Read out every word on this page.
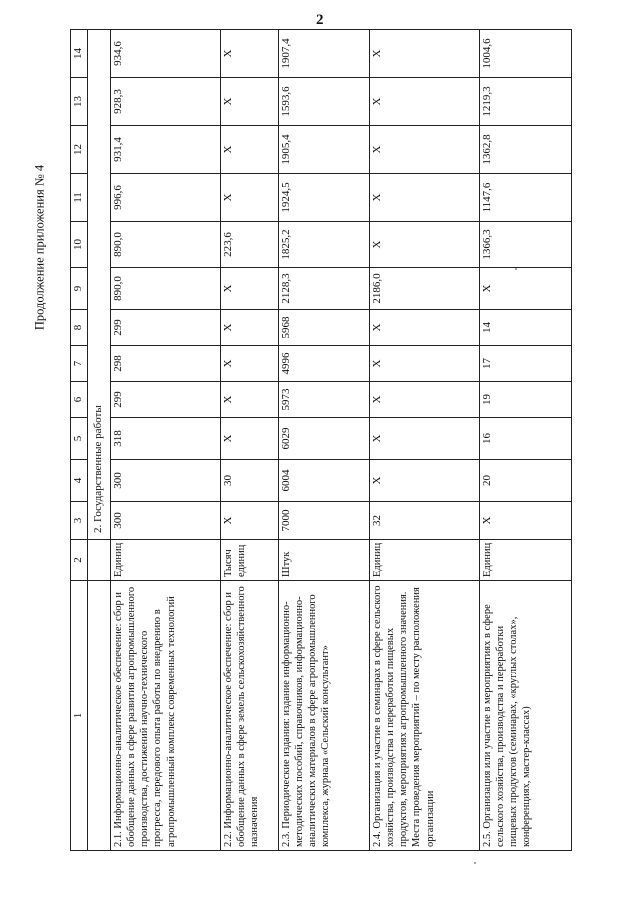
2
Продолжение приложения № 4
1	2	3	4	5	6	7	8	9	10	11	12	13	14
		2. Государственные работы											
2.1. Информационно-аналитическое обеспечение: сбор и обобщение данных в сфере развития агропромышленного производства, достижений научно-технического прогресса, передового опыта работы по внедрению в агропромышленный комплекс современных технологий	Единиц	300	300	318	299	298	299	890,0	890,0	996,6	931,4	928,3	934,6
2.2. Информационно-аналитическое обеспечение: сбор и обобщение данных в сфере земель сельскохозяйственного назначения	Тысяч единиц	X	30	X	X	X	X	X	223,6	X	X	X	X
2.3. Периодические издания: издание информационно-методических пособий, справочников, информационно-аналитических материалов в сфере агропромышленного комплекса, журнала «Сельский консультант»	Штук	7000	6004	6029	5973	4996	5968	2128,3	1825,2	1924,5	1905,4	1593,6	1907,4
2.4. Организация и участие в семинарах в сфере сельского хозяйства, производства и переработки пищевых продуктов, мероприятиях агропромышленного значения. Места проведения мероприятий – по месту расположения организации	Единиц	32	X	X	X	X	X	2186,0	X	X	X	X	X
2.5. Организация или участие в мероприятиях в сфере сельского хозяйства, производства и переработки пищевых продуктов (семинарах, «круглых столах», конференциях, мастер-классах)	Единиц	X	20	16	19	17	14	X	1366,3	1147,6	1362,8	1219,3	1004,6
